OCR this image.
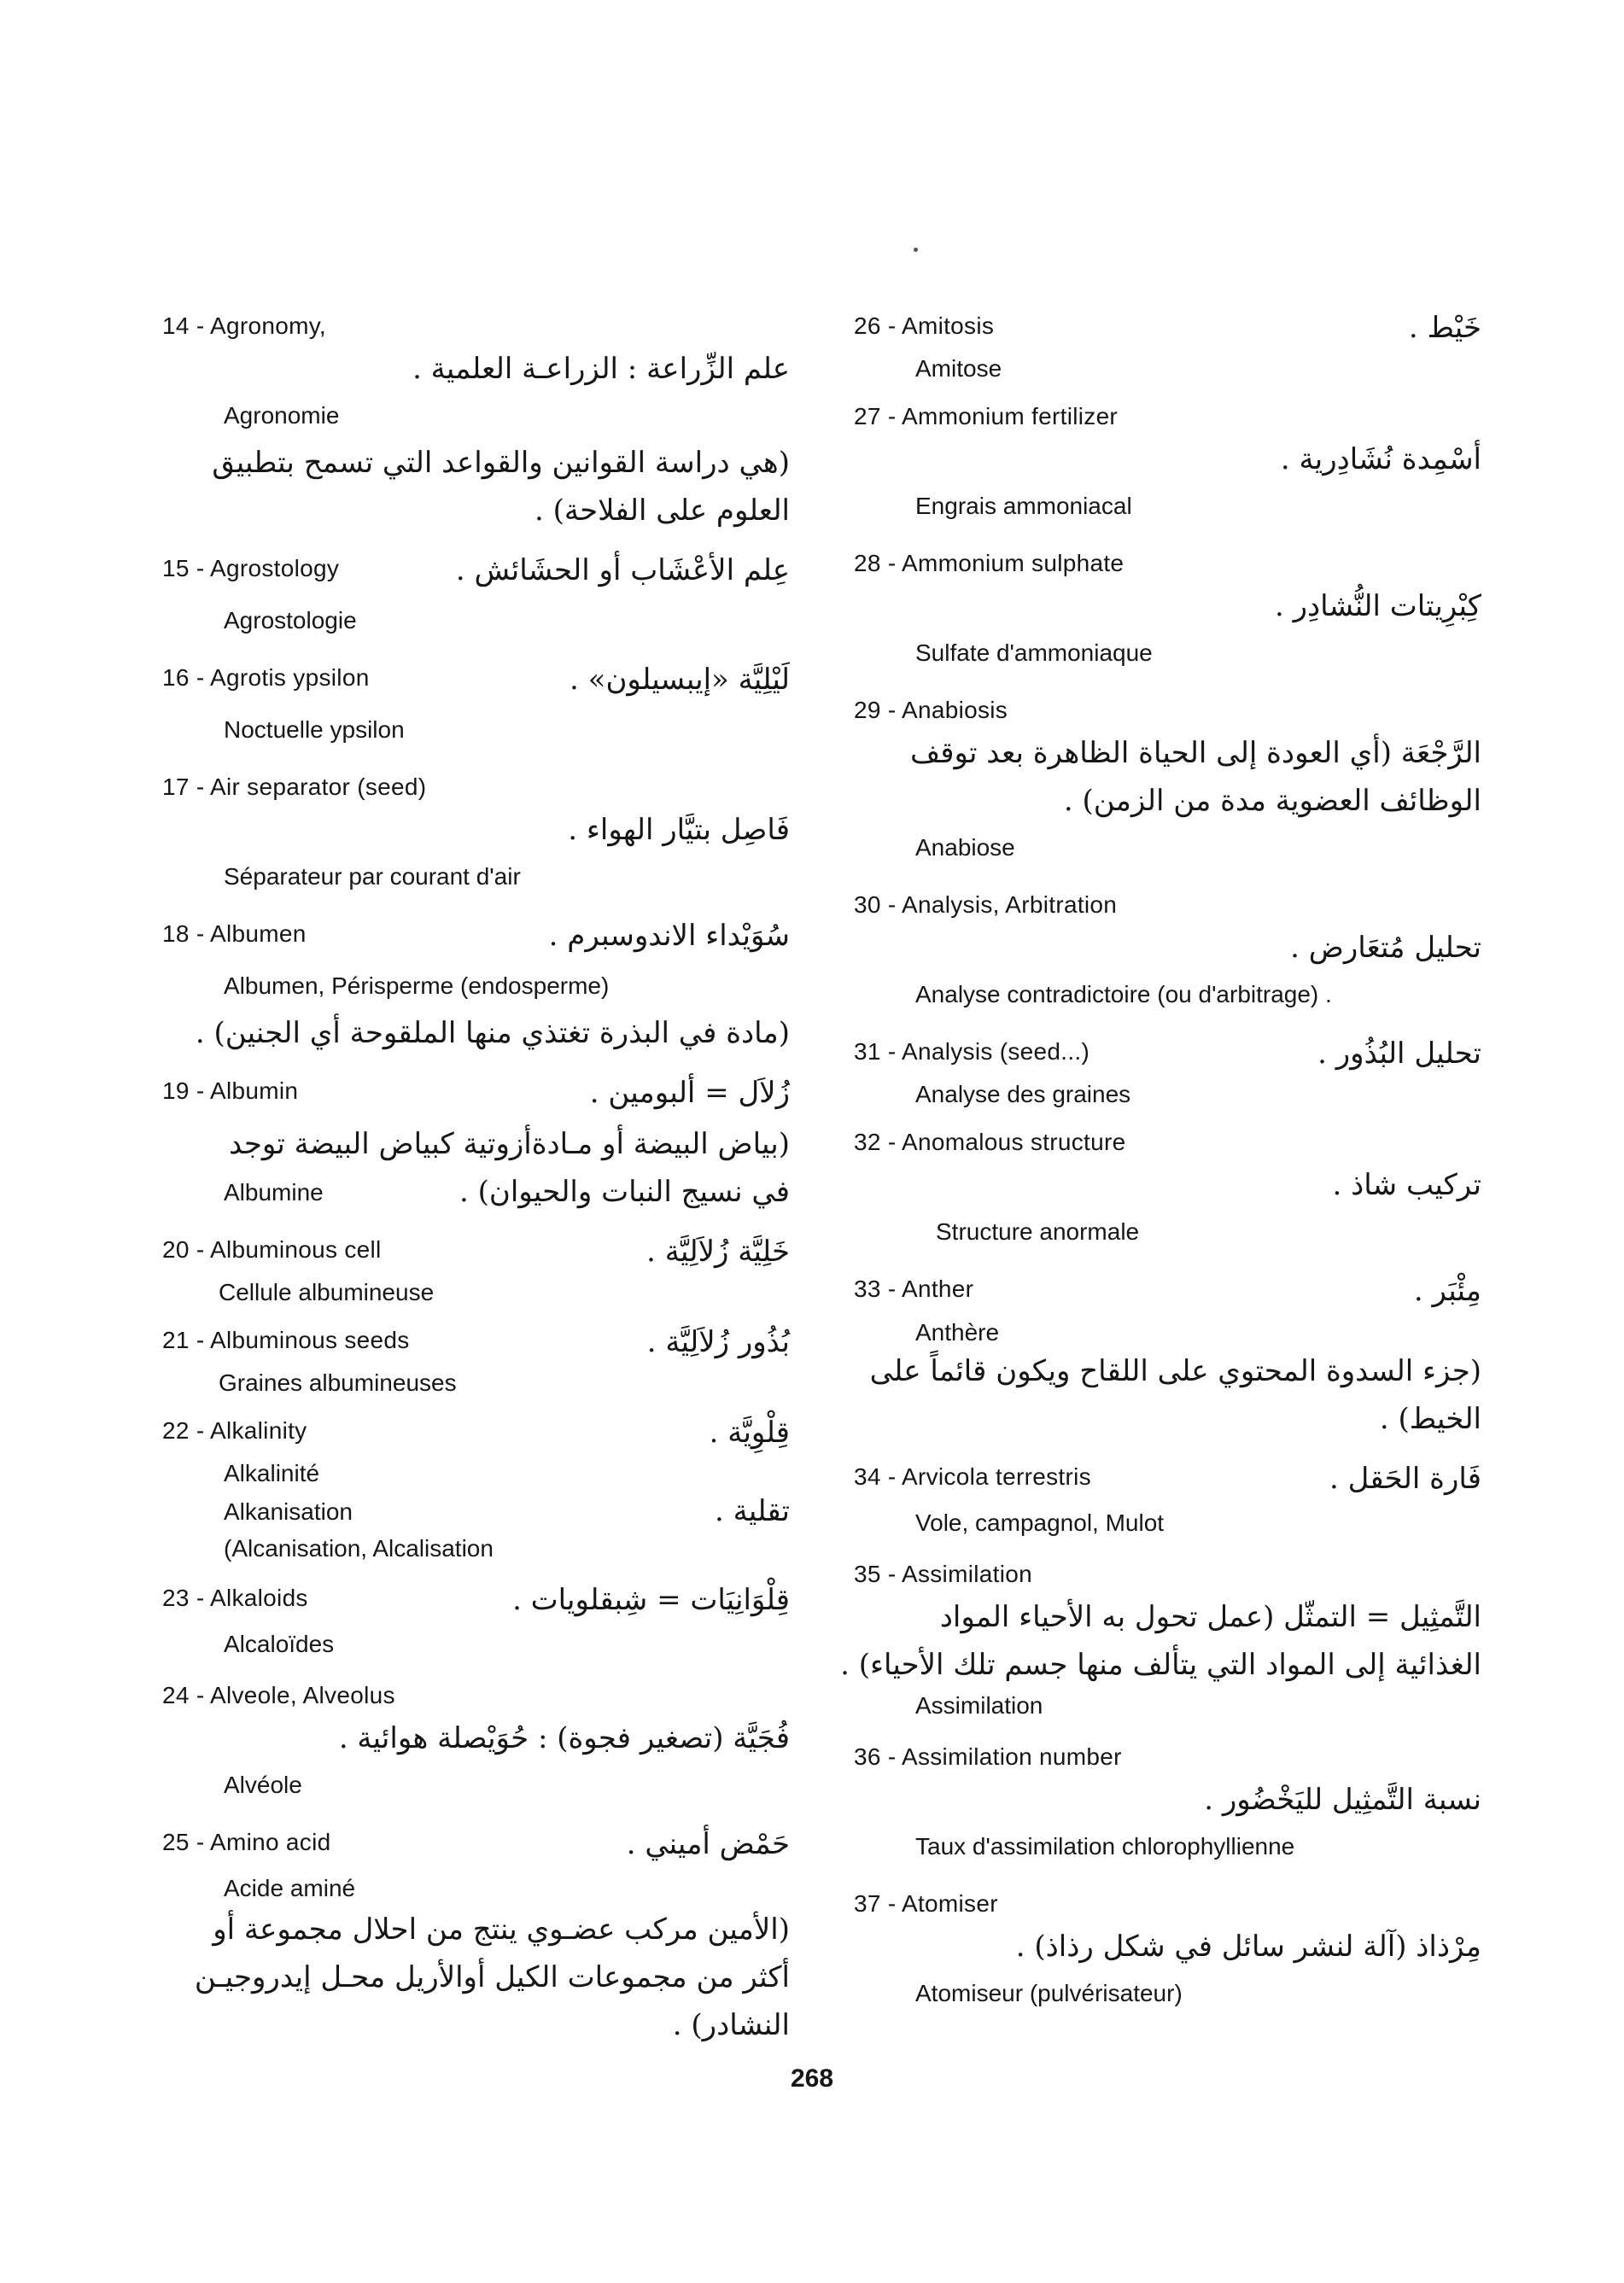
14 - Agronomy,
علم الزِّراعة : الزراعـة العلمية .
Agronomie
(هي دراسة القوانين والقواعد التي تسمح بتطبيق
العلوم على الفلاحة) .
15 - Agrostology	عِلم الأعْشَاب أو الحشَائش .
Agrostologie
16 - Agrotis ypsilon	لَيْلِيَّة «إيبسيلون» .
Noctuelle ypsilon
17 - Air separator (seed)
فَاصِل بتيَّار الهواء .
Séparateur par courant d'air
18 - Albumen	سُوَيْداء الاندوسبرم .
Albumen, Périsperme (endosperme)
(مادة في البذرة تغتذي منها الملقوحة أي الجنين) .
19 - Albumin	زُلاَل = ألبومين .
(بياض البيضة أو مـادةأزوتية كبياض البيضة توجد
Albumine	في نسيج النبات والحيوان) .
20 - Albuminous cell	خَلِيَّة زُلاَلِيَّة .
Cellule albumineuse
21 - Albuminous seeds	بُذُور زُلاَلِيَّة .
Graines albumineuses
22 - Alkalinity	قِلْوِيَّة .
Alkalinité
Alkanisation	تقلية .
(Alcanisation, Alcalisation
23 - Alkaloids	قِلْوَانِيَات = شِبقلويات .
Alcaloïdes
24 - Alveole, Alveolus
فُجَيَّة (تصغير فجوة) : حُوَيْصلة هوائية .
Alvéole
25 - Amino acid	حَمْض أميني .
Acide aminé
(الأمين مركب عضـوي ينتج من احلال مجموعة أو
أكثر من مجموعات الكيل أوالأريل محـل إيدروجيـن
النشادر) .
26 - Amitosis	خَيْط .
Amitose
27 - Ammonium fertilizer
أسْمِدة نُشَادِرية .
Engrais ammoniacal
28 - Ammonium sulphate
كِبْرِيتات النُّشادِر .
Sulfate d'ammoniaque
29 - Anabiosis
الرَّجْعَة (أي العودة إلى الحياة الظاهرة بعد توقف
الوظائف العضوية مدة من الزمن) .
Anabiose
30 - Analysis, Arbitration
تحليل مُتعَارض .
Analyse contradictoire (ou d'arbitrage) .
31 - Analysis (seed...)	تحليل البُذُور .
Analyse des graines
32 - Anomalous structure
تركيب شاذ .
Structure anormale
33 - Anther	مِئْبَر .
Anthère
(جزء السدوة المحتوي على اللقاح ويكون قائماً على
الخيط) .
34 - Arvicola terrestris	فَارة الحَقل .
Vole, campagnol, Mulot
35 - Assimilation
التَّمثِيل = التمثّل (عمل تحول به الأحياء المواد
الغذائية إلى المواد التي يتألف منها جسم تلك الأحياء) .
Assimilation
36 - Assimilation number
نسبة التَّمثِيل لليَخْضُور .
Taux d'assimilation chlorophyllienne
37 - Atomiser
مِرْذاذ (آلة لنشر سائل في شكل رذاذ) .
Atomiseur (pulvérisateur)
268
